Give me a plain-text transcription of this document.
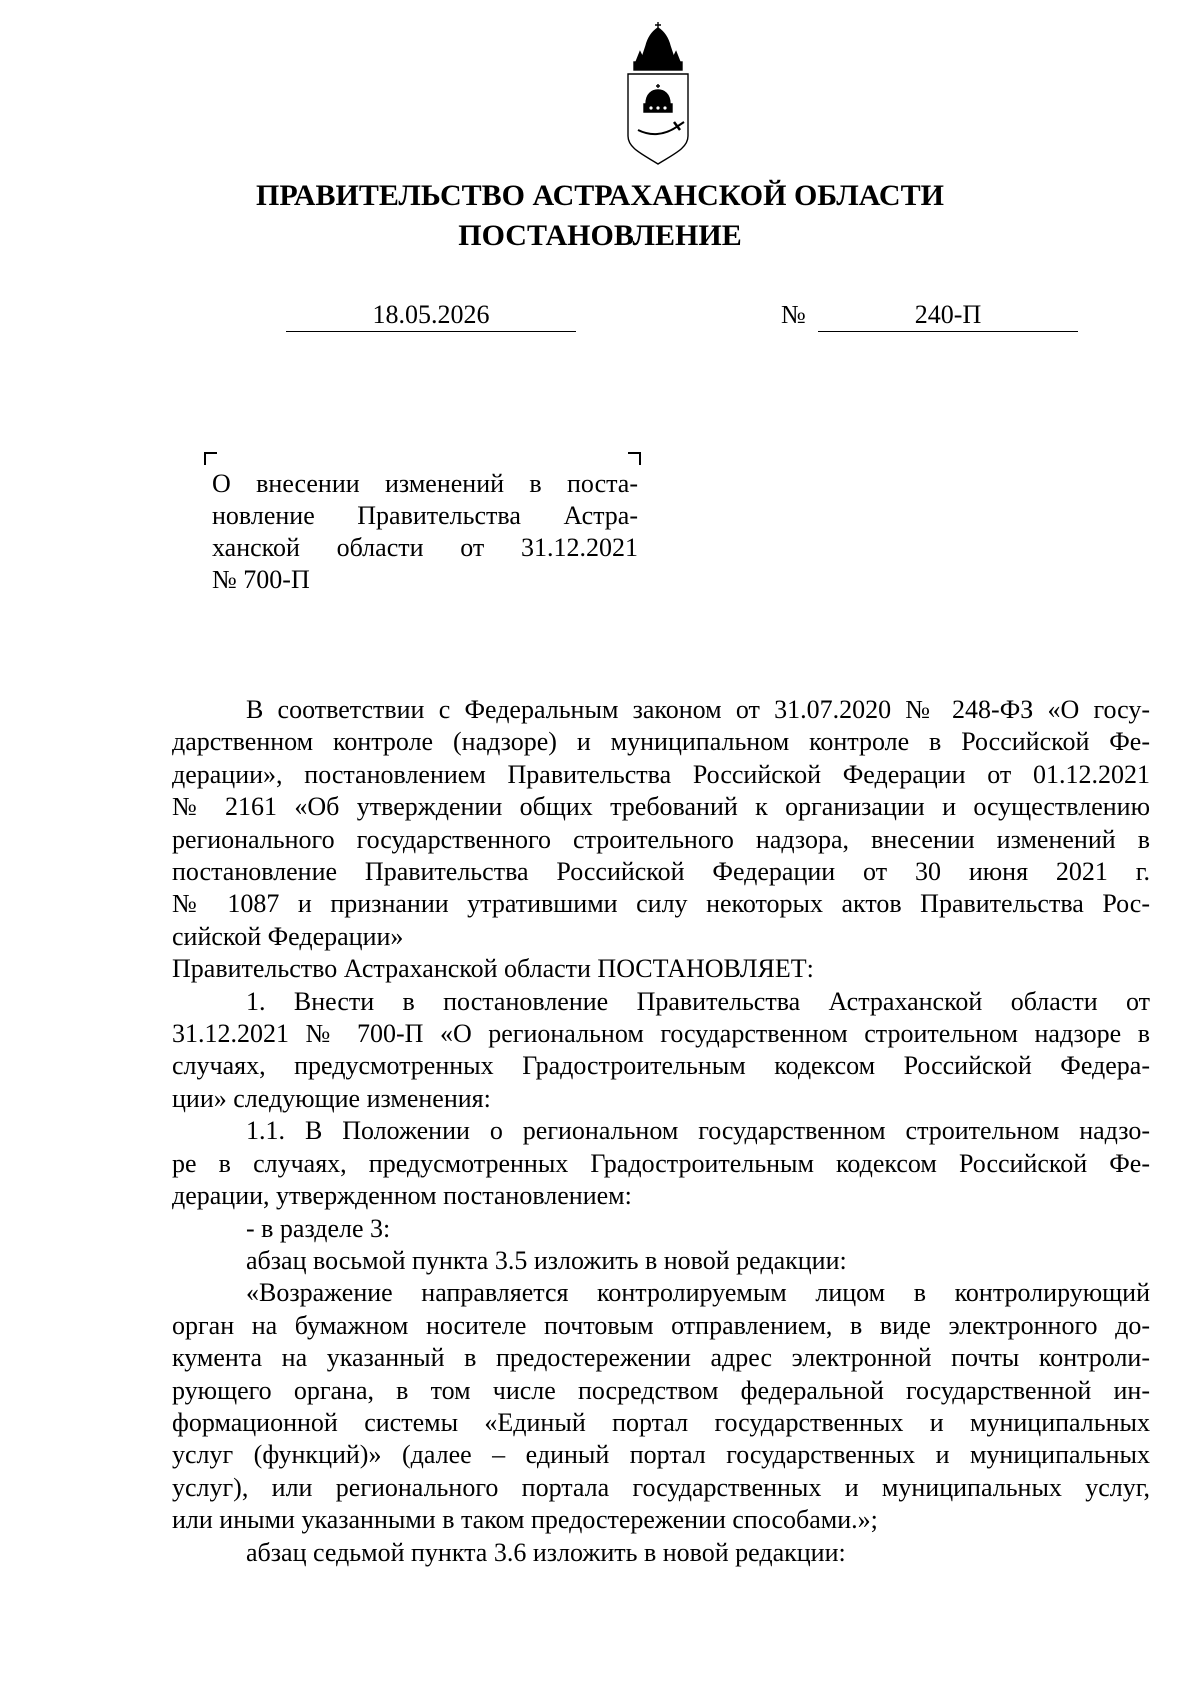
ПРАВИТЕЛЬСТВО АСТРАХАНСКОЙ ОБЛАСТИ
ПОСТАНОВЛЕНИЕ
18.05.2026	№	240-П
О внесении изменений в поста-
новление Правительства Астра-
ханской области от 31.12.2021
№ 700-П
В соответствии с Федеральным законом от 31.07.2020 № 248-ФЗ «О госу-
дарственном контроле (надзоре) и муниципальном контроле в Российской Фе-
дерации», постановлением Правительства Российской Федерации от 01.12.2021
№ 2161 «Об утверждении общих требований к организации и осуществлению
регионального государственного строительного надзора, внесении изменений в
постановление Правительства Российской Федерации от 30 июня 2021 г.
№ 1087 и признании утратившими силу некоторых актов Правительства Рос-
сийской Федерации»
Правительство Астраханской области ПОСТАНОВЛЯЕТ:
1. Внести в постановление Правительства Астраханской области от
31.12.2021 № 700-П «О региональном государственном строительном надзоре в
случаях, предусмотренных Градостроительным кодексом Российской Федера-
ции» следующие изменения:
1.1. В Положении о региональном государственном строительном надзо-
ре в случаях, предусмотренных Градостроительным кодексом Российской Фе-
дерации, утвержденном постановлением:
- в разделе 3:
абзац восьмой пункта 3.5 изложить в новой редакции:
«Возражение направляется контролируемым лицом в контролирующий
орган на бумажном носителе почтовым отправлением, в виде электронного до-
кумента на указанный в предостережении адрес электронной почты контроли-
рующего органа, в том числе посредством федеральной государственной ин-
формационной системы «Единый портал государственных и муниципальных
услуг (функций)» (далее – единый портал государственных и муниципальных
услуг), или регионального портала государственных и муниципальных услуг,
или иными указанными в таком предостережении способами.»;
абзац седьмой пункта 3.6 изложить в новой редакции:
